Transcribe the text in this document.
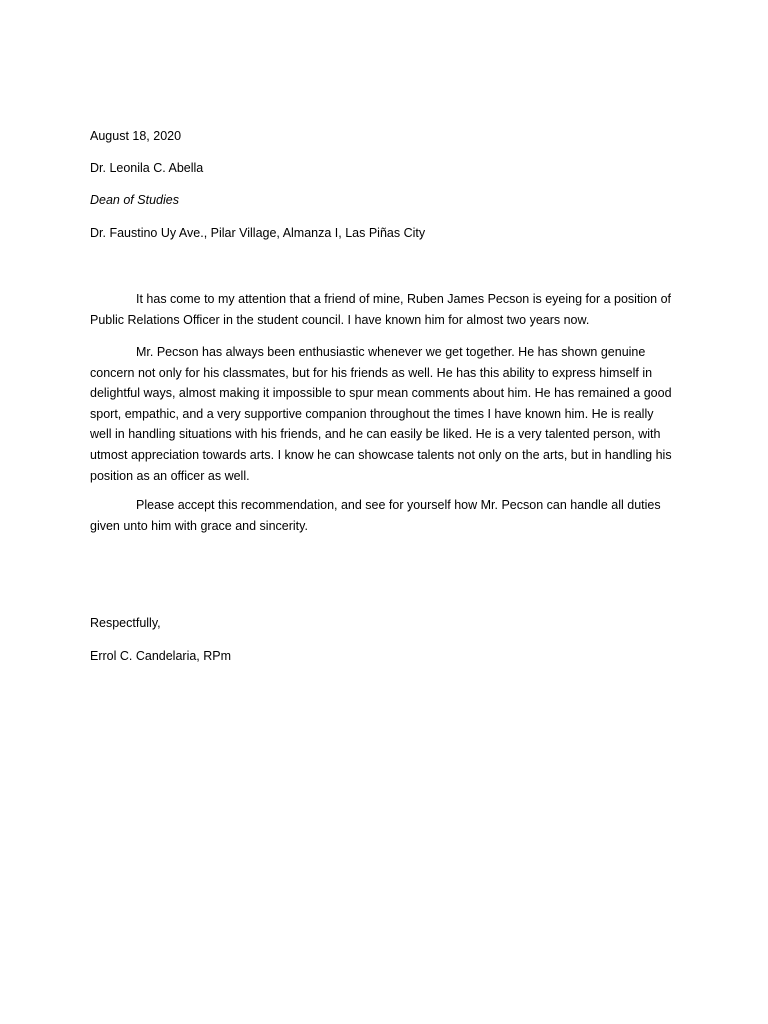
August 18, 2020
Dr. Leonila C. Abella
Dean of Studies
Dr. Faustino Uy Ave., Pilar Village, Almanza I, Las Piñas City

It has come to my attention that a friend of mine, Ruben James Pecson is eyeing for a position of Public Relations Officer in the student council. I have known him for almost two years now.

Mr. Pecson has always been enthusiastic whenever we get together. He has shown genuine concern not only for his classmates, but for his friends as well. He has this ability to express himself in delightful ways, almost making it impossible to spur mean comments about him. He has remained a good sport, empathic, and a very supportive companion throughout the times I have known him. He is really well in handling situations with his friends, and he can easily be liked. He is a very talented person, with utmost appreciation towards arts. I know he can showcase talents not only on the arts, but in handling his position as an officer as well.

Please accept this recommendation, and see for yourself how Mr. Pecson can handle all duties given unto him with grace and sincerity.

Respectfully,
Errol C. Candelaria, RPm
